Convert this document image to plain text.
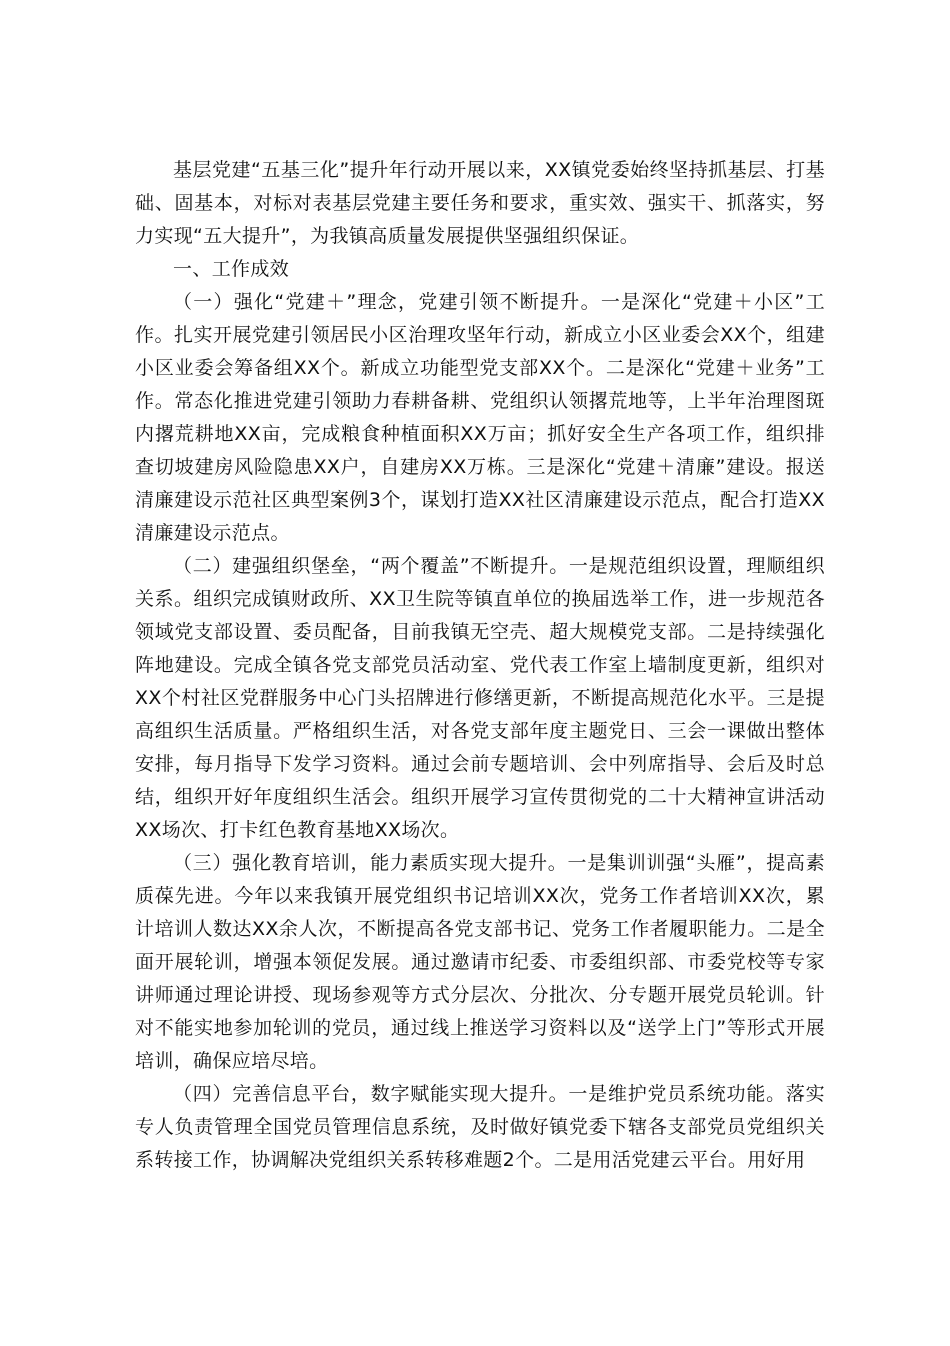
基层党建“五基三化”提升年行动开展以来，XX镇党委始终坚持抓基层、打基础、固基本，对标对表基层党建主要任务和要求，重实效、强实干、抓落实，努力实现“五大提升”，为我镇高质量发展提供坚强组织保证。

一、工作成效

（一）强化“党建＋”理念，党建引领不断提升。一是深化“党建＋小区”工作。扎实开展党建引领居民小区治理攻坚年行动，新成立小区业委会XX个，组建小区业委会筹备组XX个。新成立功能型党支部XX个。二是深化“党建＋业务”工作。常态化推进党建引领助力春耕备耕、党组织认领撂荒地等，上半年治理图斑内撂荒耕地XX亩，完成粮食种植面积XX万亩；抓好安全生产各项工作，组织排查切坡建房风险隐患XX户，自建房XX万栋。三是深化“党建＋清廉”建设。报送清廉建设示范社区典型案例3个，谋划打造XX社区清廉建设示范点，配合打造XX清廉建设示范点。

（二）建强组织堡垒，“两个覆盖”不断提升。一是规范组织设置，理顺组织关系。组织完成镇财政所、XX卫生院等镇直单位的换届选举工作，进一步规范各领域党支部设置、委员配备，目前我镇无空壳、超大规模党支部。二是持续强化阵地建设。完成全镇各党支部党员活动室、党代表工作室上墙制度更新，组织对XX个村社区党群服务中心门头招牌进行修缮更新，不断提高规范化水平。三是提高组织生活质量。严格组织生活，对各党支部年度主题党日、三会一课做出整体安排，每月指导下发学习资料。通过会前专题培训、会中列席指导、会后及时总结，组织开好年度组织生活会。组织开展学习宣传贯彻党的二十大精神宣讲活动XX场次、打卡红色教育基地XX场次。

（三）强化教育培训，能力素质实现大提升。一是集训训强“头雁”，提高素质葆先进。今年以来我镇开展党组织书记培训XX次，党务工作者培训XX次，累计培训人数达XX余人次，不断提高各党支部书记、党务工作者履职能力。二是全面开展轮训，增强本领促发展。通过邀请市纪委、市委组织部、市委党校等专家讲师通过理论讲授、现场参观等方式分层次、分批次、分专题开展党员轮训。针对不能实地参加轮训的党员，通过线上推送学习资料以及“送学上门”等形式开展培训，确保应培尽培。

（四）完善信息平台，数字赋能实现大提升。一是维护党员系统功能。落实专人负责管理全国党员管理信息系统，及时做好镇党委下辖各支部党员党组织关系转接工作，协调解决党组织关系转移难题2个。二是用活党建云平台。用好用
